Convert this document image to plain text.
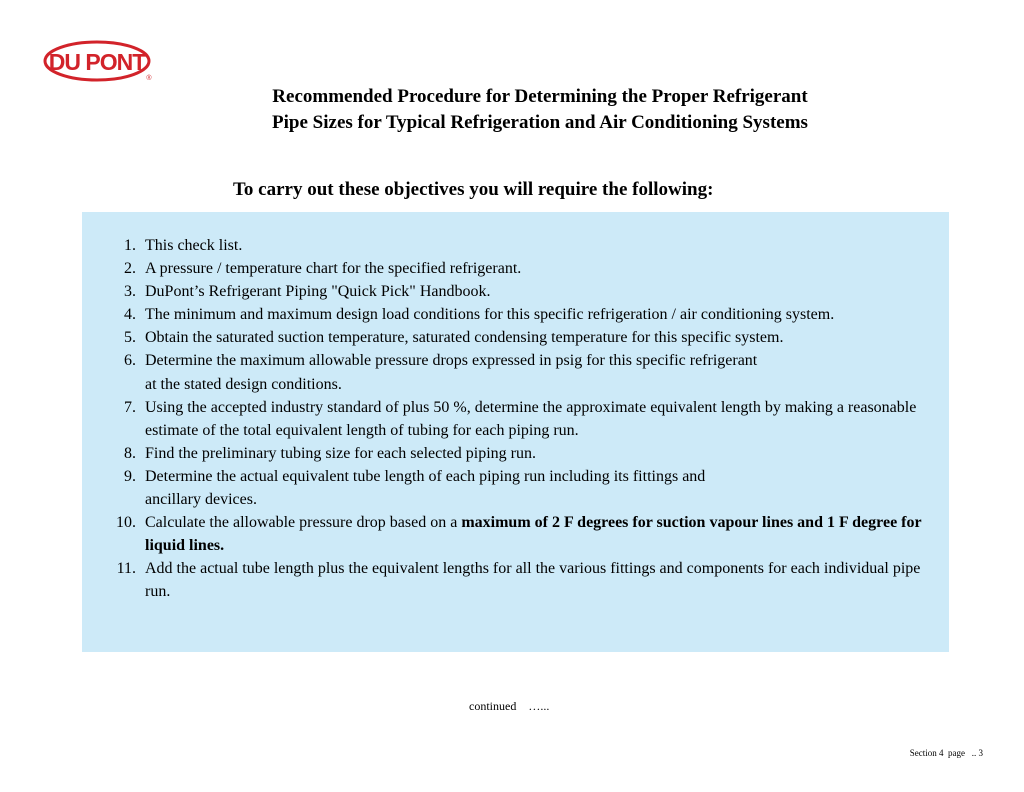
DU PONT
®
Recommended Procedure for Determining the Proper Refrigerant
Pipe Sizes for Typical Refrigeration and Air Conditioning Systems
To carry out these objectives you will require the following:
1. This check list.
2. A pressure / temperature chart for the specified refrigerant.
3. DuPont’s Refrigerant Piping "Quick Pick" Handbook.
4. The minimum and maximum design load conditions for this specific refrigeration / air conditioning system.
5. Obtain the saturated suction temperature, saturated condensing temperature for this specific system.
6. Determine the maximum allowable pressure drops expressed in psig for this specific refrigerant
at the stated design conditions.
7. Using the accepted industry standard of plus 50 %, determine the approximate equivalent length by making a reasonable estimate of the total equivalent length of tubing for each piping run.
8. Find the preliminary tubing size for each selected piping run.
9. Determine the actual equivalent tube length of each piping run including its fittings and
ancillary devices.
10. Calculate the allowable pressure drop based on a maximum of 2 F degrees for suction vapour lines and 1 F degree for liquid lines.
11. Add the actual tube length plus the equivalent lengths for all the various fittings and components for each individual pipe run.
continued    …...
Section 4  page   .. 3
